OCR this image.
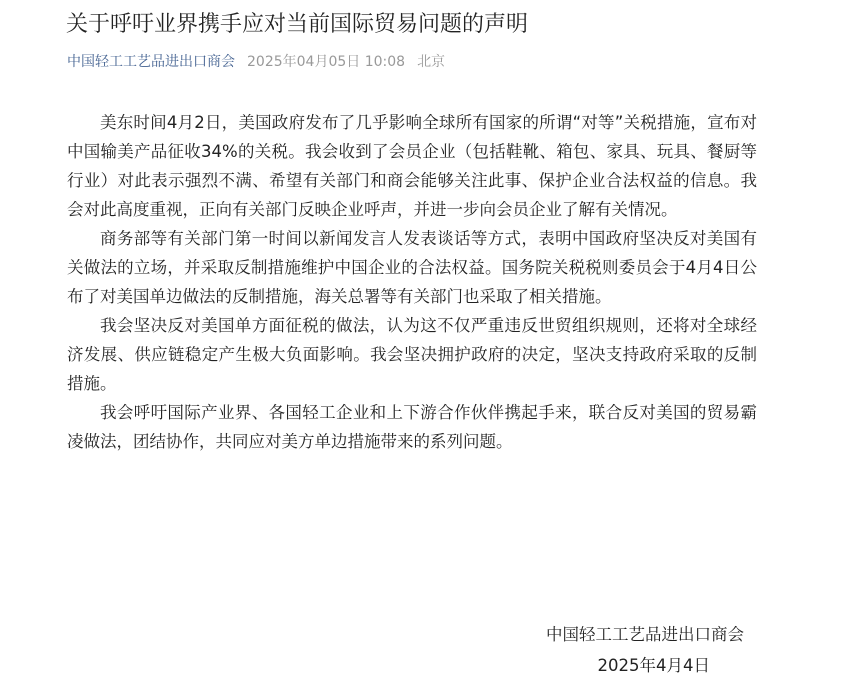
关于呼吁业界携手应对当前国际贸易问题的声明
中国轻工工艺品进出口商会 2025年04月05日 10:08 北京

美东时间4月2日，美国政府发布了几乎影响全球所有国家的所谓“对等”关税措施，宣布对中国输美产品征收34%的关税。我会收到了会员企业（包括鞋靴、箱包、家具、玩具、餐厨等行业）对此表示强烈不满、希望有关部门和商会能够关注此事、保护企业合法权益的信息。我会对此高度重视，正向有关部门反映企业呼声，并进一步向会员企业了解有关情况。

商务部等有关部门第一时间以新闻发言人发表谈话等方式，表明中国政府坚决反对美国有关做法的立场，并采取反制措施维护中国企业的合法权益。国务院关税税则委员会于4月4日公布了对美国单边做法的反制措施，海关总署等有关部门也采取了相关措施。

我会坚决反对美国单方面征税的做法，认为这不仅严重违反世贸组织规则，还将对全球经济发展、供应链稳定产生极大负面影响。我会坚决拥护政府的决定，坚决支持政府采取的反制措施。

我会呼吁国际产业界、各国轻工企业和上下游合作伙伴携起手来，联合反对美国的贸易霸凌做法，团结协作，共同应对美方单边措施带来的系列问题。

中国轻工工艺品进出口商会
2025年4月4日
